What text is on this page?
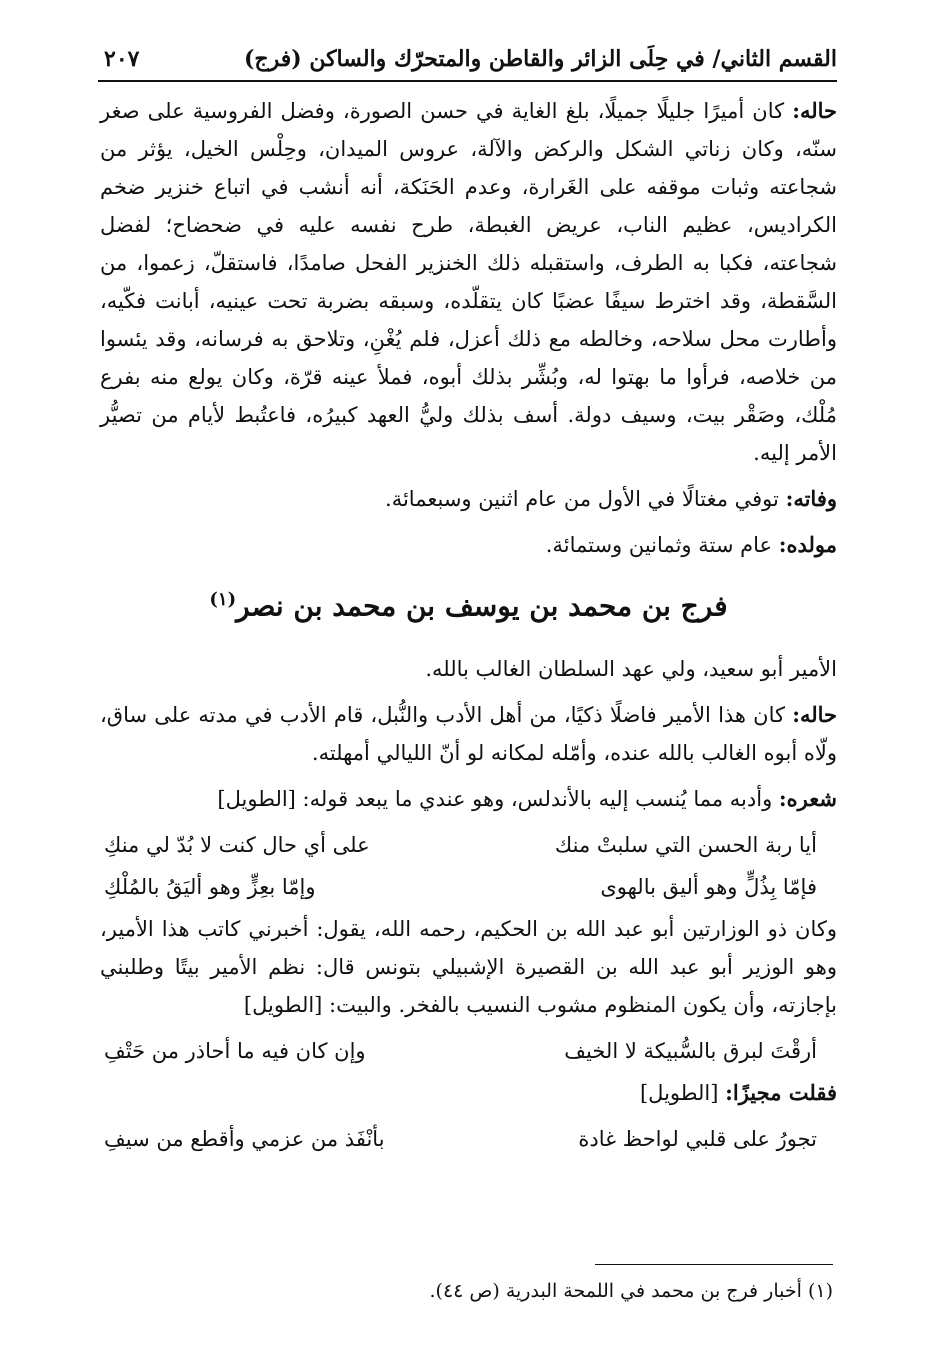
القسم الثاني/ في حِلَى الزائر والقاطن والمتحرّك والساكن (فرج)
٢٠٧

حاله: كان أميرًا جليلًا جميلًا، بلغ الغاية في حسن الصورة، وفضل الفروسية على صغر سنّه، وكان زناتي الشكل والركض والآلة، عروس الميدان، وحِلْس الخيل، يؤثر من شجاعته وثبات موقفه على الغَرارة، وعدم الحَنَكة، أنه أنشب في اتباع خنزير ضخم الكراديس، عظيم الناب، عريض الغبطة، طرح نفسه عليه في ضحضاح؛ لفضل شجاعته، فكبا به الطرف، واستقبله ذلك الخنزير الفحل صامدًا، فاستقلّ، زعموا، من السَّقطة، وقد اخترط سيفًا عضبًا كان يتقلّده، وسبقه بضربة تحت عينيه، أبانت فكّيه، وأطارت محل سلاحه، وخالطه مع ذلك أعزل، فلم يُغْنِ، وتلاحق به فرسانه، وقد يئسوا من خلاصه، فرأوا ما بهتوا له، وبُشِّر بذلك أبوه، فملأ عينه قرّة، وكان يولع منه بفرع مُلْك، وصَقْر بيت، وسيف دولة. أسف بذلك وليُّ العهد كبيرُه، فاعتُبط لأيام من تصيُّر الأمر إليه.

وفاته: توفي مغتالًا في الأول من عام اثنين وسبعمائة.

مولده: عام ستة وثمانين وستمائة.

فرج بن محمد بن يوسف بن محمد بن نصر$^{(١)}$

الأمير أبو سعيد، ولي عهد السلطان الغالب بالله.

حاله: كان هذا الأمير فاضلًا ذكيًا، من أهل الأدب والنُّبل، قام الأدب في مدته على ساق، ولّاه أبوه الغالب بالله عنده، وأمّله لمكانه لو أنّ الليالي أمهلته.

شعره: وأدبه مما يُنسب إليه بالأندلس، وهو عندي ما يبعد قوله: [الطويل]

أيا ربة الحسن التي سلبتْ منك
على أي حال كنت لا بُدّ لي منكِ
فإمّا بِذُلٍّ وهو أليق بالهوى
وإمّا بعِزٍّ وهو أليَقُ بالمُلْكِ

وكان ذو الوزارتين أبو عبد الله بن الحكيم، رحمه الله، يقول: أخبرني كاتب هذا الأمير، وهو الوزير أبو عبد الله بن القصيرة الإشبيلي بتونس قال: نظم الأمير بيتًا وطلبني بإجازته، وأن يكون المنظوم مشوب النسيب بالفخر. والبيت: [الطويل]

أرقْتَ لبرق بالسُّبيكة لا الخيف
وإن كان فيه ما أحاذر من حَتْفِ

فقلت مجيزًا: [الطويل]

تجورُ على قلبي لواحظ غادة
بأنْفَذ من عزمي وأقطع من سيفِ
(١) أخبار فرج بن محمد في اللمحة البدرية (ص ٤٤).
